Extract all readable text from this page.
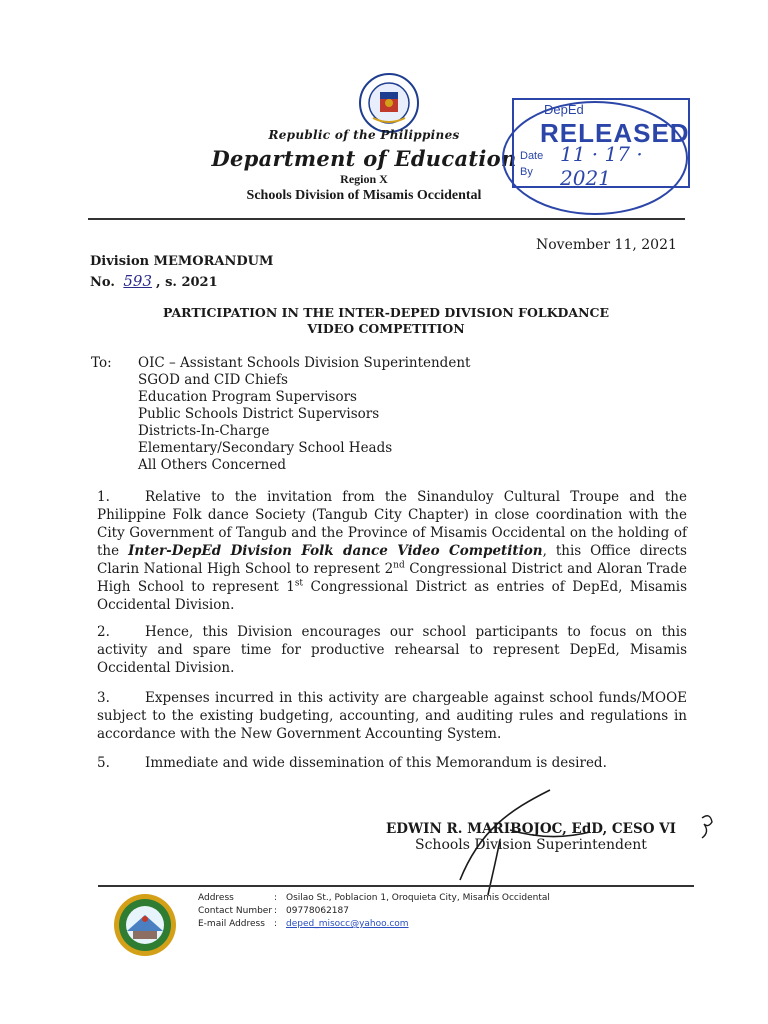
Republic of the Philippines
Department of Education
Region X
Schools Division of Misamis Occidental
DepEd
RELEASED
Date 11 · 17 · 2021
By
November 11, 2021
Division MEMORANDUM
No. 593 , s. 2021
PARTICIPATION IN THE INTER-DEPED DIVISION FOLKDANCE
VIDEO COMPETITION
To: OIC – Assistant Schools Division Superintendent
SGOD and CID Chiefs
Education Program Supervisors
Public Schools District Supervisors
Districts-In-Charge
Elementary/Secondary School Heads
All Others Concerned
1.	Relative to the invitation from the Sinanduloy Cultural Troupe and the Philippine Folk dance Society (Tangub City Chapter) in close coordination with the City Government of Tangub and the Province of Misamis Occidental on the holding of the Inter-DepEd Division Folk dance Video Competition, this Office directs Clarin National High School to represent 2nd Congressional District and Aloran Trade High School to represent 1st Congressional District as entries of DepEd, Misamis Occidental Division.
2.	Hence, this Division encourages our school participants to focus on this activity and spare time for productive rehearsal to represent DepEd, Misamis Occidental Division.
3.	Expenses incurred in this activity are chargeable against school funds/MOOE subject to the existing budgeting, accounting, and auditing rules and regulations in accordance with the New Government Accounting System.
5.	Immediate and wide dissemination of this Memorandum is desired.
EDWIN R. MARIBOJOC, EdD, CESO VI
Schools Division Superintendent
Address	: Osilao St., Poblacion 1, Oroquieta City, Misamis Occidental
Contact Number : 09778062187
E-mail Address : deped_misocc@yahoo.com
